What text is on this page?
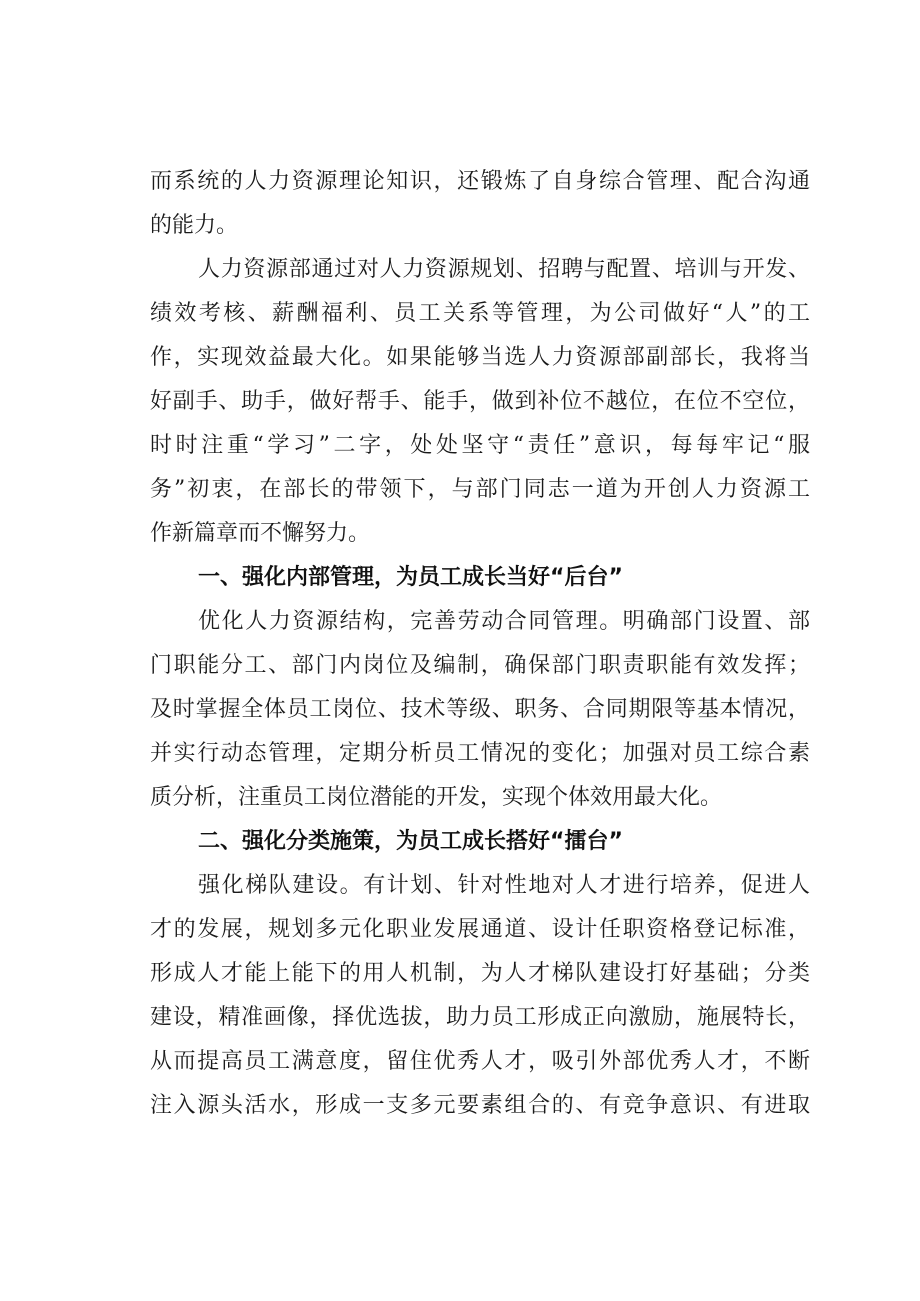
而系统的人力资源理论知识，还锻炼了自身综合管理、配合沟通
的能力。
人力资源部通过对人力资源规划、招聘与配置、培训与开发、
绩效考核、薪酬福利、员工关系等管理，为公司做好“人”的工
作，实现效益最大化。如果能够当选人力资源部副部长，我将当
好副手、助手，做好帮手、能手，做到补位不越位，在位不空位，
时时注重“学习”二字，处处坚守“责任”意识，每每牢记“服
务”初衷，在部长的带领下，与部门同志一道为开创人力资源工
作新篇章而不懈努力。
一、强化内部管理，为员工成长当好“后台”
优化人力资源结构，完善劳动合同管理。明确部门设置、部
门职能分工、部门内岗位及编制，确保部门职责职能有效发挥；
及时掌握全体员工岗位、技术等级、职务、合同期限等基本情况，
并实行动态管理，定期分析员工情况的变化；加强对员工综合素
质分析，注重员工岗位潜能的开发，实现个体效用最大化。
二、强化分类施策，为员工成长搭好“擂台”
强化梯队建设。有计划、针对性地对人才进行培养，促进人
才的发展，规划多元化职业发展通道、设计任职资格登记标准，
形成人才能上能下的用人机制，为人才梯队建设打好基础；分类
建设，精准画像，择优选拔，助力员工形成正向激励，施展特长，
从而提高员工满意度，留住优秀人才，吸引外部优秀人才，不断
注入源头活水，形成一支多元要素组合的、有竞争意识、有进取
